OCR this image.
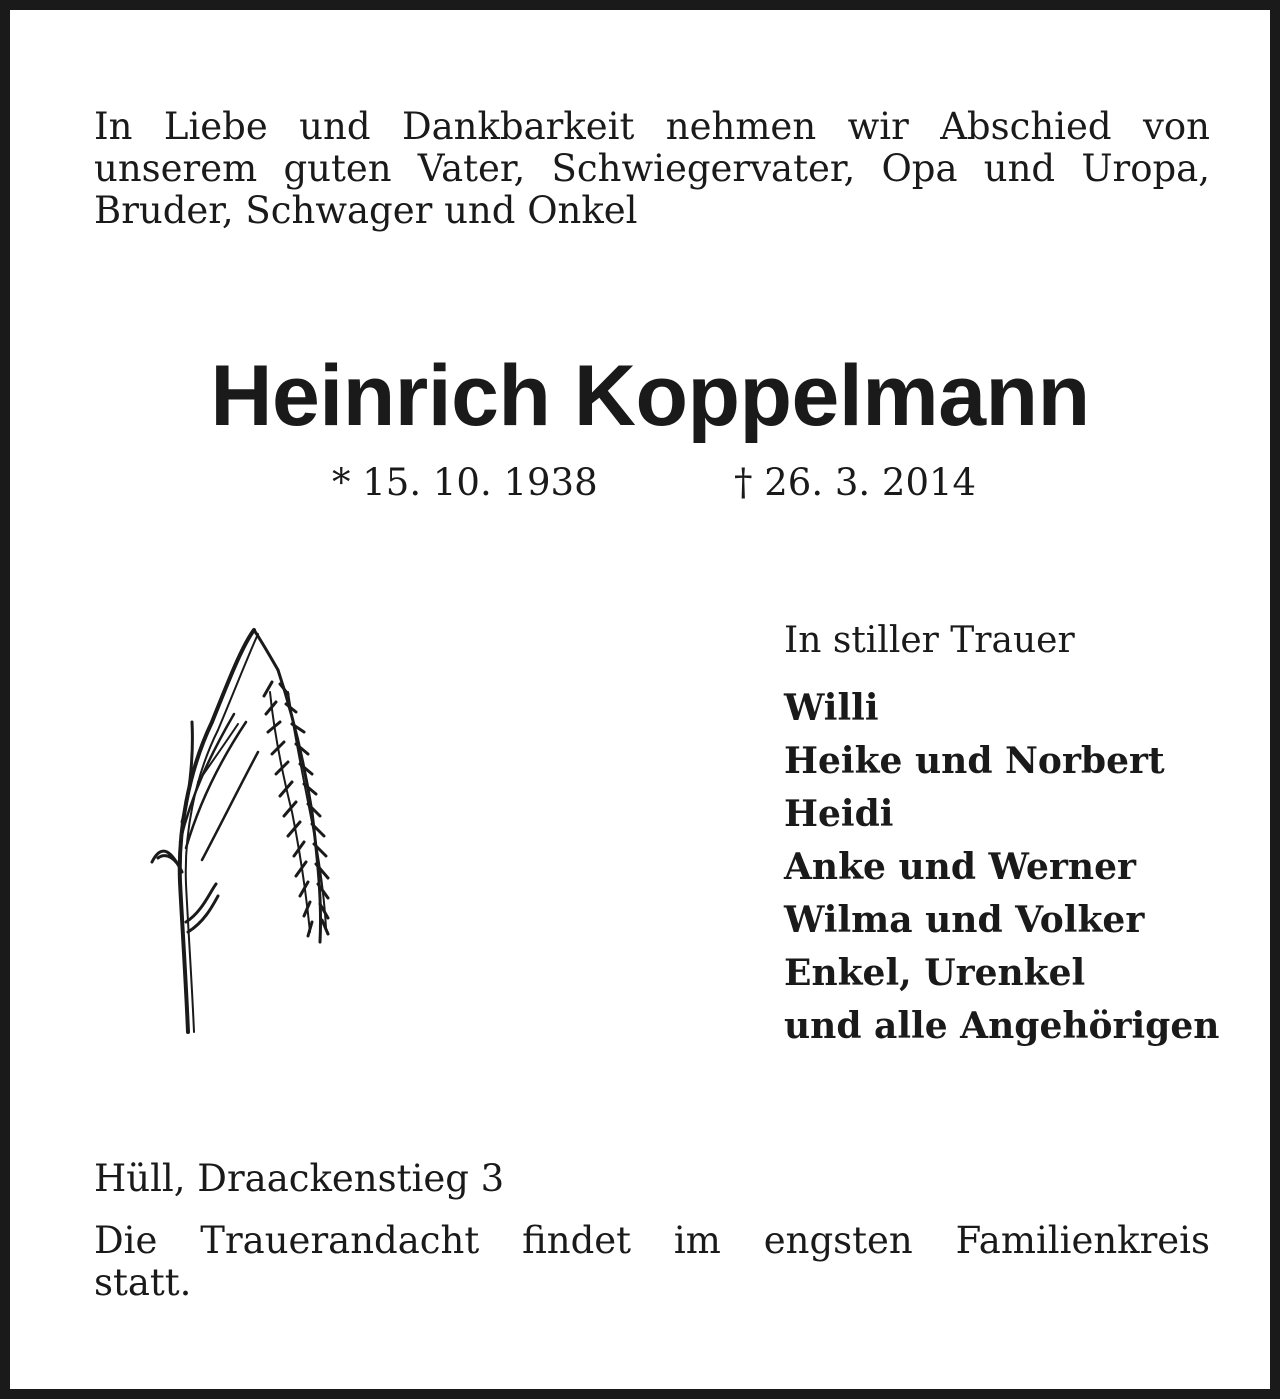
In Liebe und Dankbarkeit nehmen wir Abschied von
unserem guten Vater, Schwiegervater, Opa und Uropa,
Bruder, Schwager und Onkel
Heinrich Koppelmann
* 15. 10. 1938	† 26. 3. 2014
In stiller Trauer
Willi
Heike und Norbert
Heidi
Anke und Werner
Wilma und Volker
Enkel, Urenkel
und alle Angehörigen
Hüll, Draackenstieg 3
Die Trauerandacht findet im engsten Familienkreis
statt.
